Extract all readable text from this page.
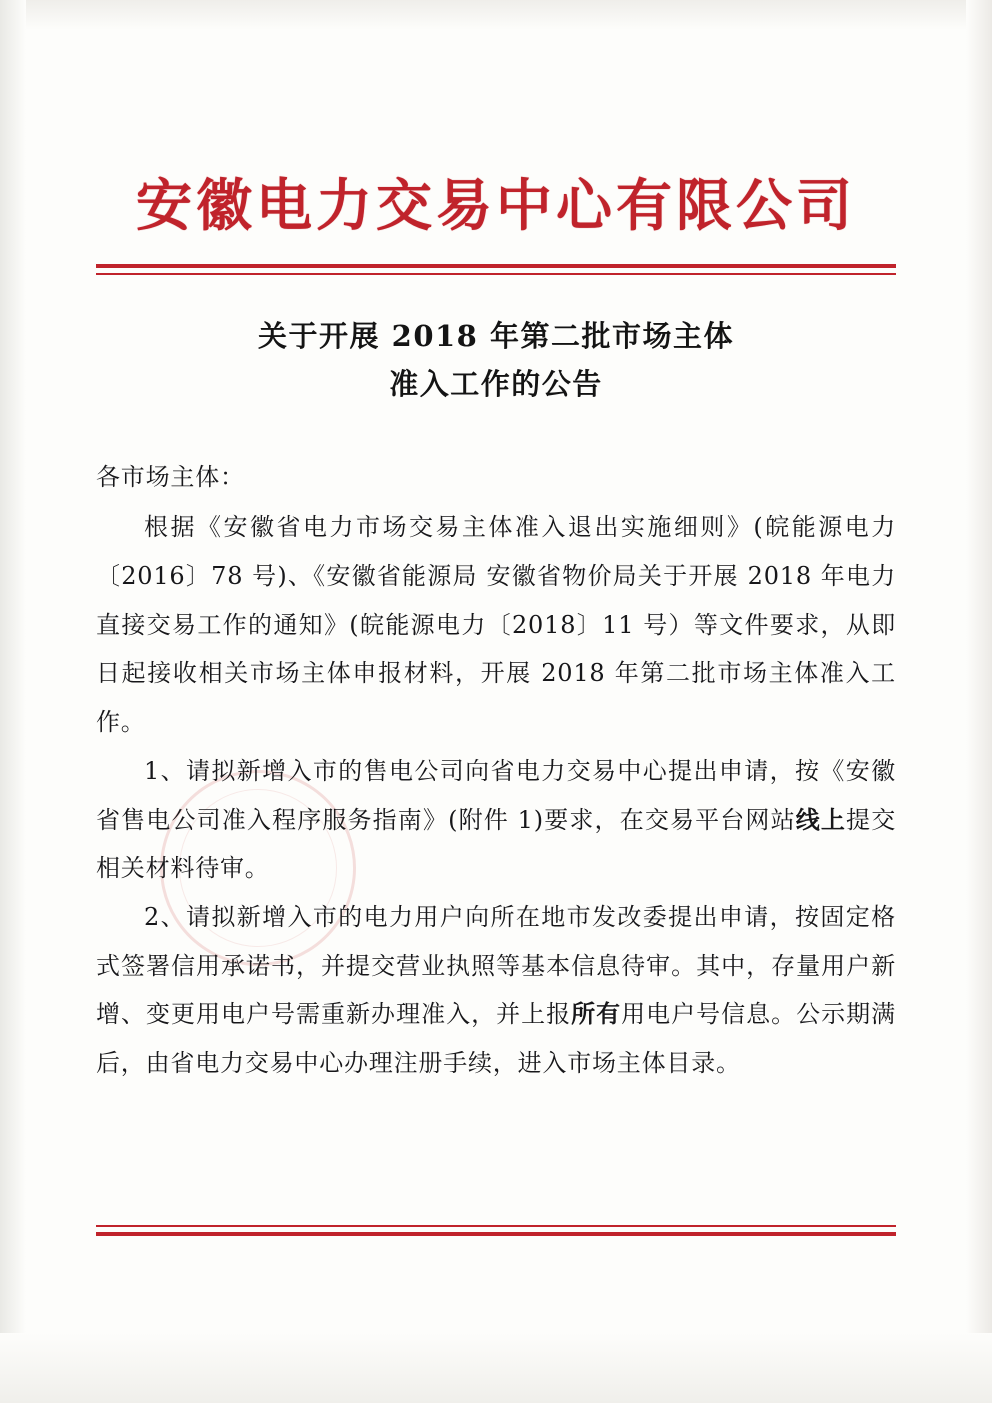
安徽电力交易中心有限公司
关于开展 2018 年第二批市场主体
准入工作的公告

各市场主体：

根据《安徽省电力市场交易主体准入退出实施细则》(皖能源电力〔2016〕78 号)、《安徽省能源局 安徽省物价局关于开展 2018 年电力直接交易工作的通知》(皖能源电力〔2018〕11 号）等文件要求，从即日起接收相关市场主体申报材料，开展 2018 年第二批市场主体准入工作。

1、请拟新增入市的售电公司向省电力交易中心提出申请，按《安徽省售电公司准入程序服务指南》(附件 1)要求，在交易平台网站线上提交相关材料待审。

2、请拟新增入市的电力用户向所在地市发改委提出申请，按固定格式签署信用承诺书，并提交营业执照等基本信息待审。其中，存量用户新增、变更用电户号需重新办理准入，并上报所有用电户号信息。公示期满后，由省电力交易中心办理注册手续，进入市场主体目录。
